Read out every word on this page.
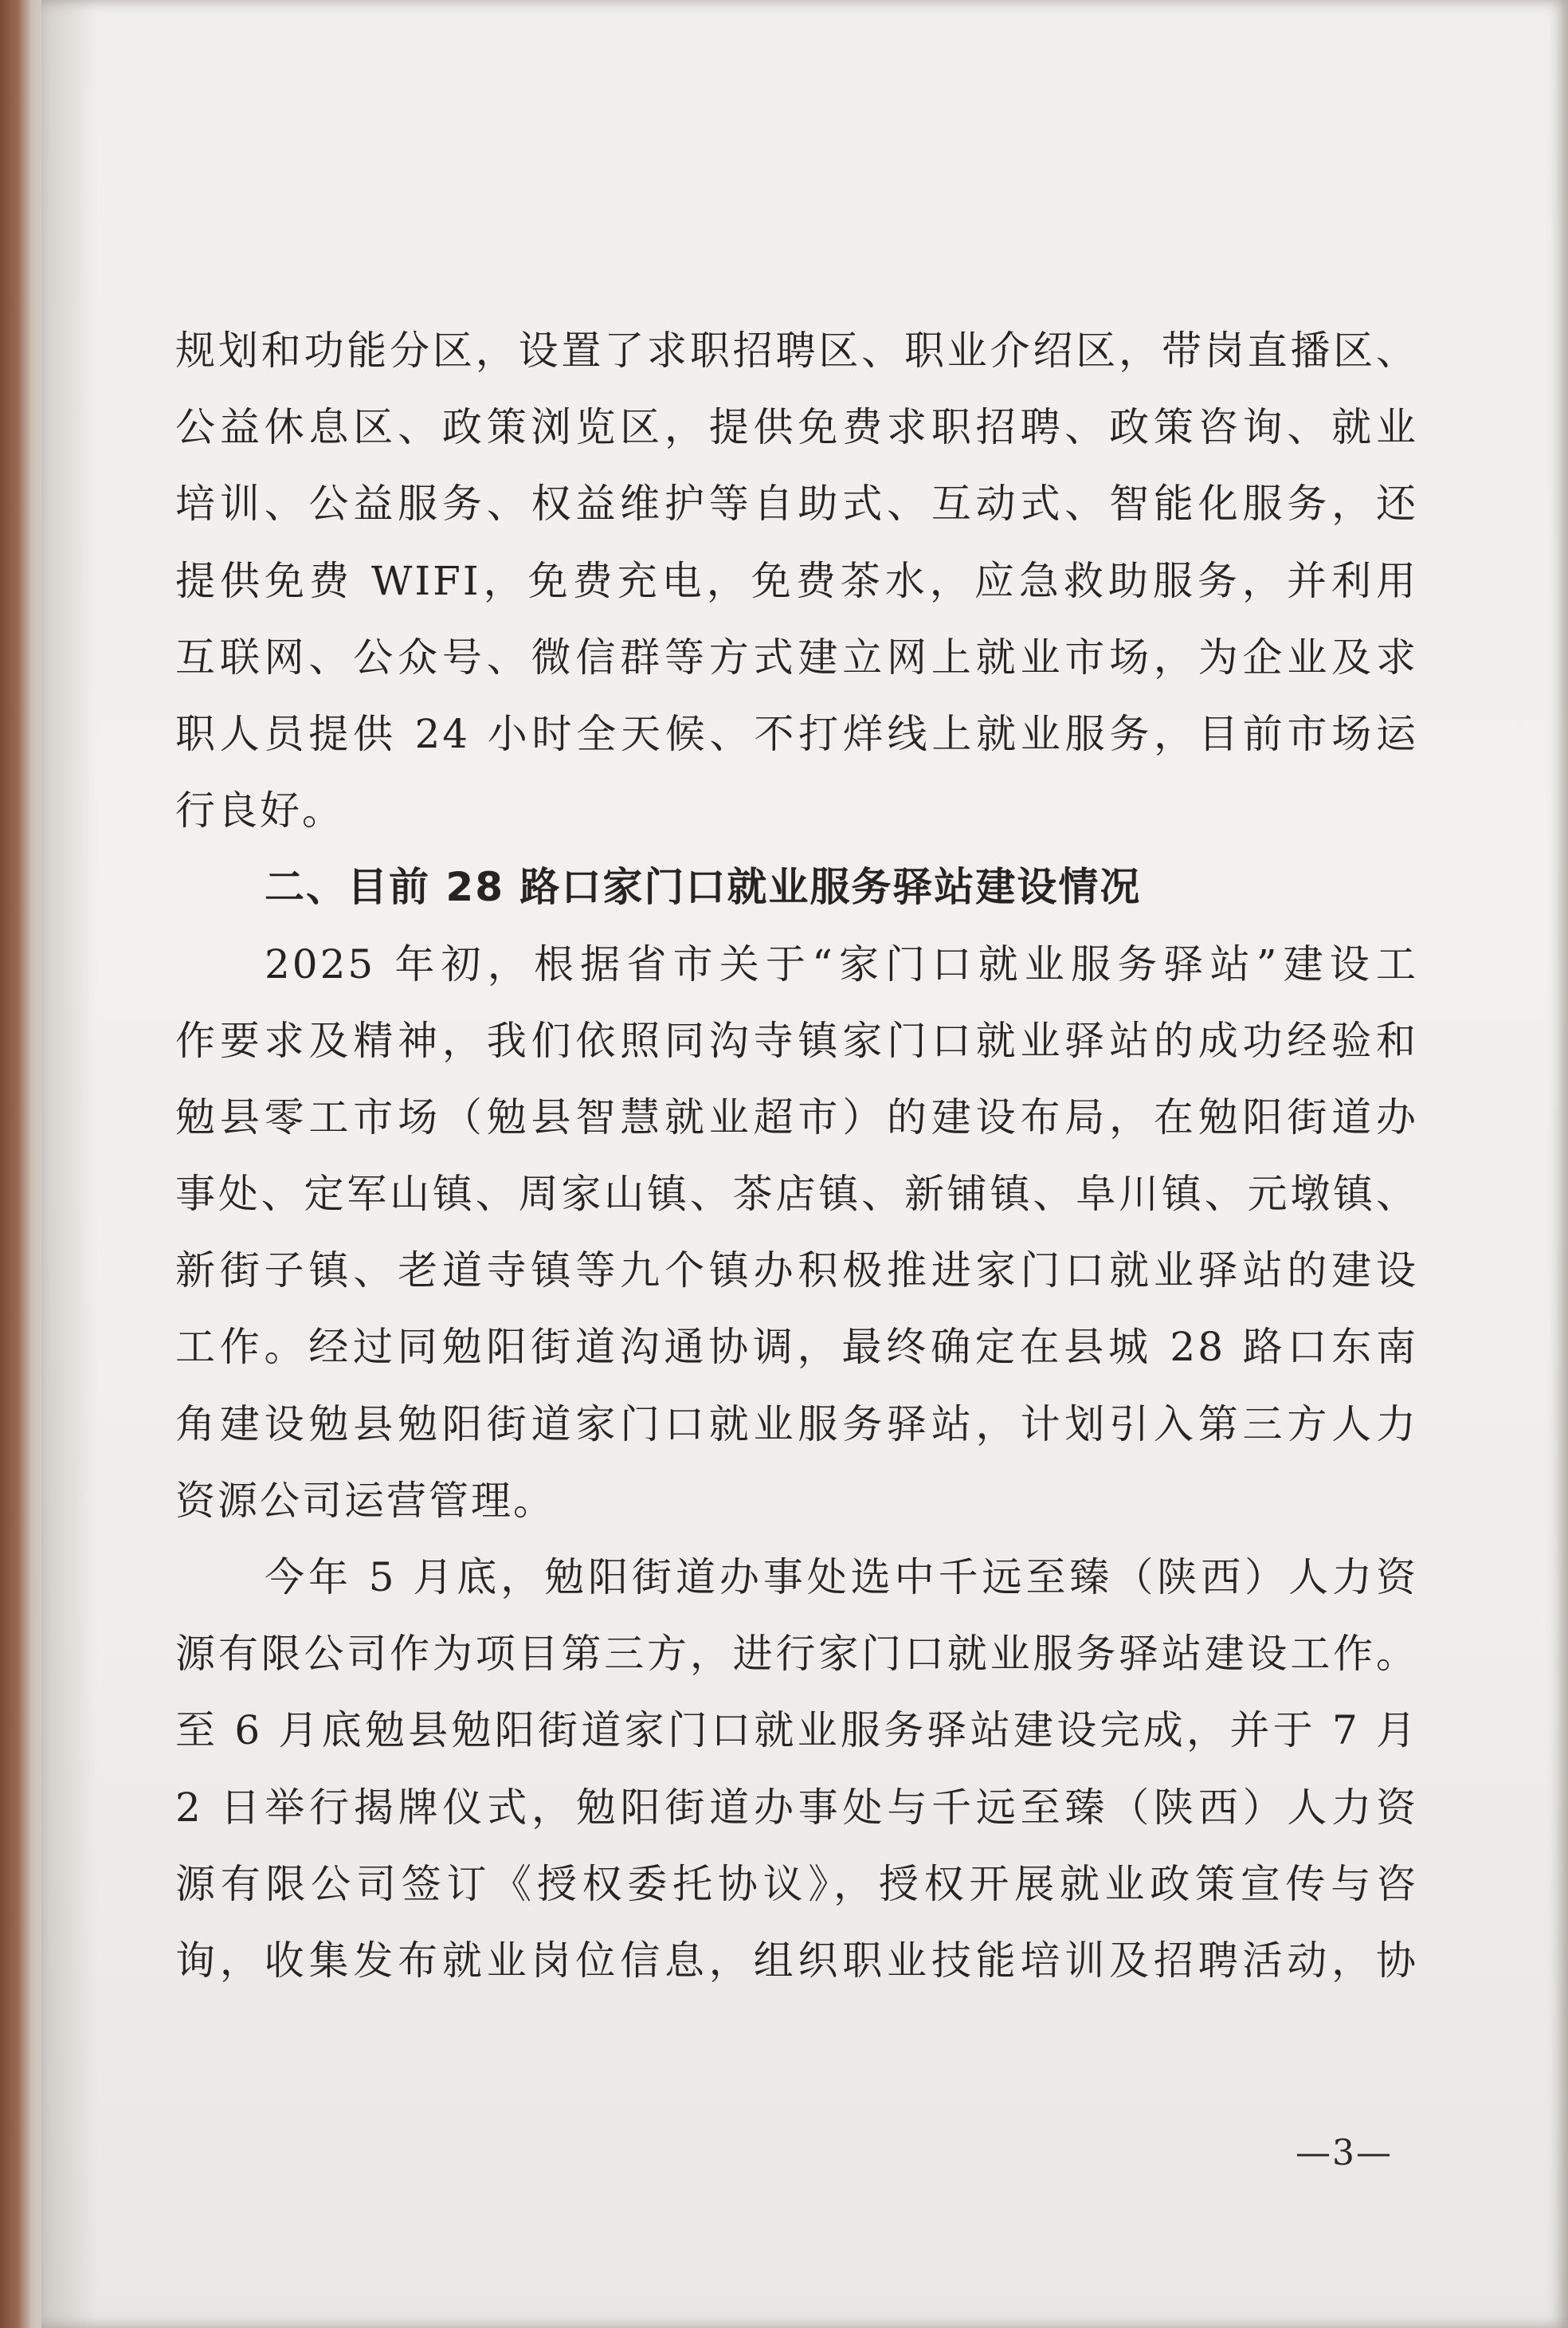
规划和功能分区，设置了求职招聘区、职业介绍区，带岗直播区、
公益休息区、政策浏览区，提供免费求职招聘、政策咨询、就业
培训、公益服务、权益维护等自助式、互动式、智能化服务，还
提供免费 WIFI，免费充电，免费茶水，应急救助服务，并利用
互联网、公众号、微信群等方式建立网上就业市场，为企业及求
职人员提供 24 小时全天候、不打烊线上就业服务，目前市场运
行良好。
二、目前 28 路口家门口就业服务驿站建设情况
2025 年初，根据省市关于“家门口就业服务驿站”建设工
作要求及精神，我们依照同沟寺镇家门口就业驿站的成功经验和
勉县零工市场（勉县智慧就业超市）的建设布局，在勉阳街道办
事处、定军山镇、周家山镇、茶店镇、新铺镇、阜川镇、元墩镇、
新街子镇、老道寺镇等九个镇办积极推进家门口就业驿站的建设
工作。经过同勉阳街道沟通协调，最终确定在县城 28 路口东南
角建设勉县勉阳街道家门口就业服务驿站，计划引入第三方人力
资源公司运营管理。
今年 5 月底，勉阳街道办事处选中千远至臻（陕西）人力资
源有限公司作为项目第三方，进行家门口就业服务驿站建设工作。
至 6 月底勉县勉阳街道家门口就业服务驿站建设完成，并于 7 月
2 日举行揭牌仪式，勉阳街道办事处与千远至臻（陕西）人力资
源有限公司签订《授权委托协议》，授权开展就业政策宣传与咨
询，收集发布就业岗位信息，组织职业技能培训及招聘活动，协
—3—
